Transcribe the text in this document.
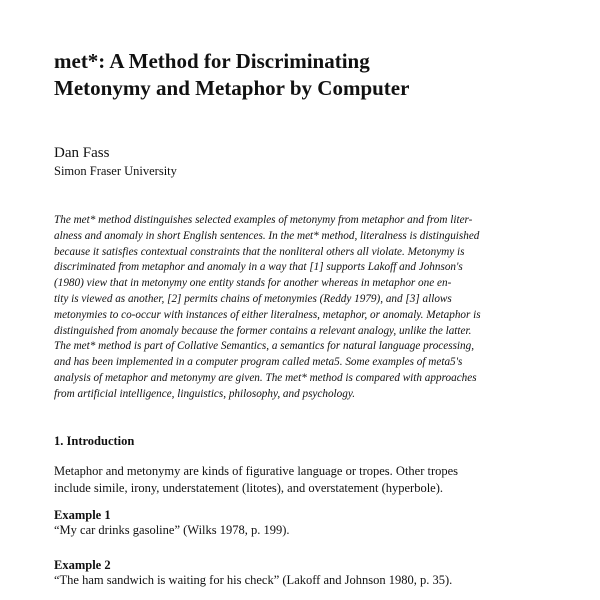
met*: A Method for Discriminating
Metonymy and Metaphor by Computer
Dan Fass
Simon Fraser University
The met* method distinguishes selected examples of metonymy from metaphor and from liter-
alness and anomaly in short English sentences. In the met* method, literalness is distinguished
because it satisfies contextual constraints that the nonliteral others all violate. Metonymy is
discriminated from metaphor and anomaly in a way that [1] supports Lakoff and Johnson's
(1980) view that in metonymy one entity stands for another whereas in metaphor one en-
tity is viewed as another, [2] permits chains of metonymies (Reddy 1979), and [3] allows
metonymies to co-occur with instances of either literalness, metaphor, or anomaly. Metaphor is
distinguished from anomaly because the former contains a relevant analogy, unlike the latter.
The met* method is part of Collative Semantics, a semantics for natural language processing,
and has been implemented in a computer program called meta5. Some examples of meta5's
analysis of metaphor and metonymy are given. The met* method is compared with approaches
from artificial intelligence, linguistics, philosophy, and psychology.
1. Introduction
Metaphor and metonymy are kinds of figurative language or tropes. Other tropes
include simile, irony, understatement (litotes), and overstatement (hyperbole).
Example 1
“My car drinks gasoline” (Wilks 1978, p. 199).
Example 2
“The ham sandwich is waiting for his check” (Lakoff and Johnson 1980, p. 35).
